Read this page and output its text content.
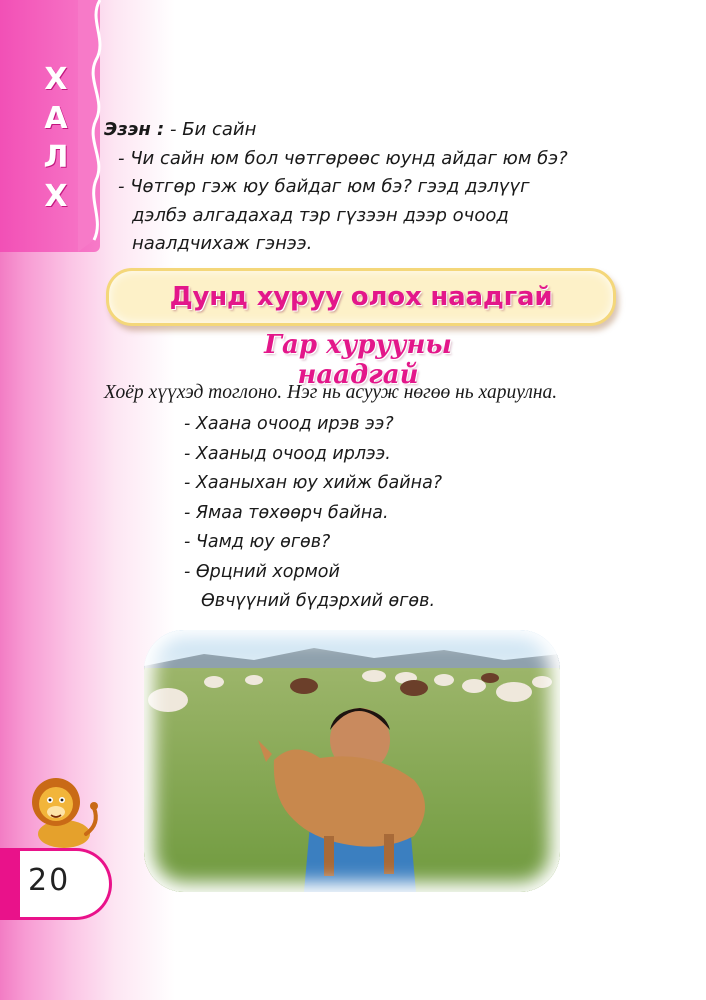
Х
А
Л
Х
Эзэн : - Би сайн
- Чи сайн юм бол чөтгөрөөс юунд айдаг юм бэ?
- Чөтгөр гэж юу байдаг юм бэ? гээд дэлүүг
дэлбэ алгадахад тэр гүзээн дээр очоод
наалдчихаж гэнээ.
Дунд хуруу олох наадгай
Гар хурууны наадгай
Хоёр хүүхэд тоглоно. Нэг нь асууж нөгөө нь хариулна.
- Хаана очоод ирэв ээ?
- Хааныд очоод ирлээ.
- Хааныхан юу хийж байна?
- Ямаа төхөөрч байна.
- Чамд юу өгөв?
- Өрцний хормой
Өвчүүний бүдэрхий өгөв.
20
